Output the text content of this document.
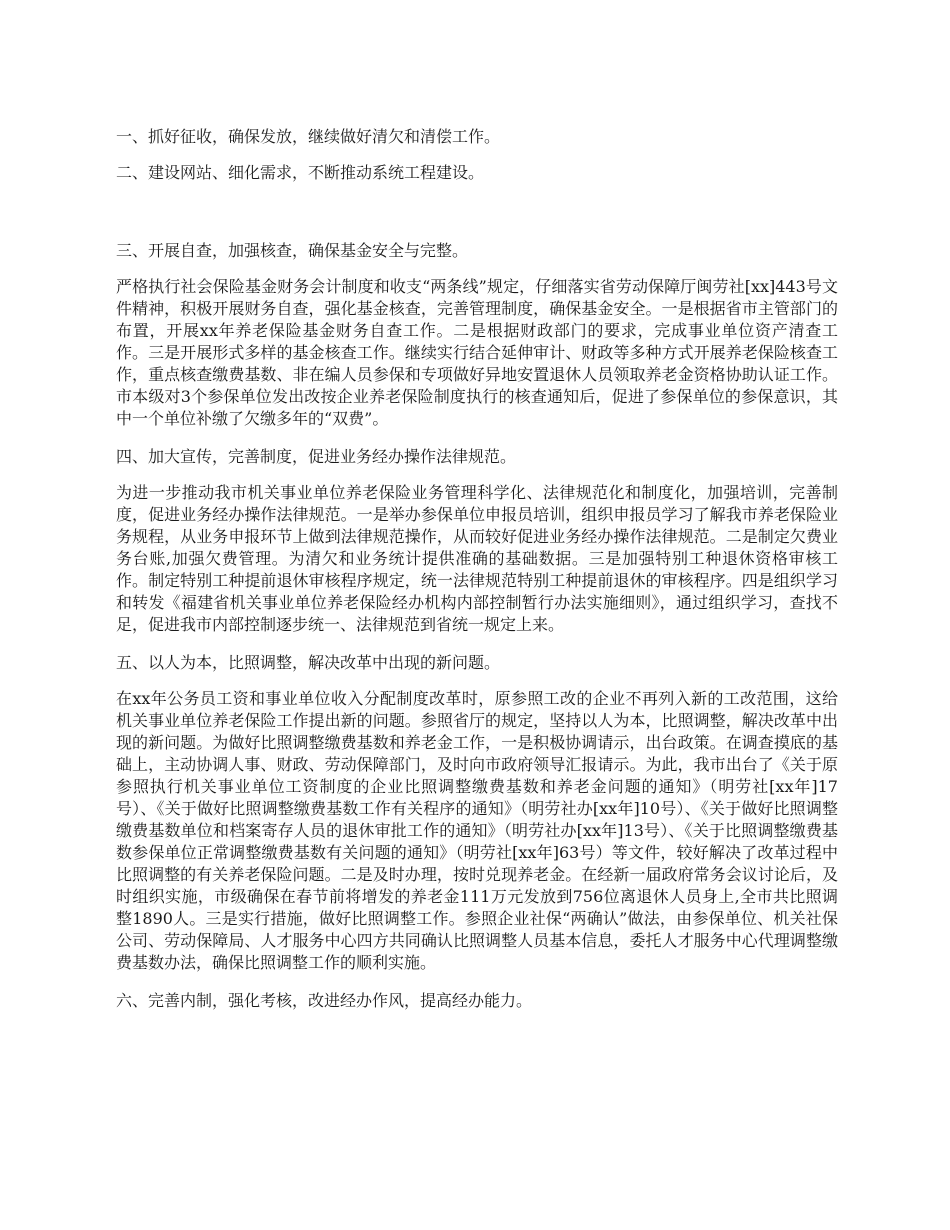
一、抓好征收，确保发放，继续做好清欠和清偿工作。

二、建设网站、细化需求，不断推动系统工程建设。

三、开展自查，加强核查，确保基金安全与完整。

严格执行社会保险基金财务会计制度和收支“两条线”规定，仔细落实省劳动保障厅闽劳社[xx]443号文件精神，积极开展财务自查，强化基金核查，完善管理制度，确保基金安全。一是根据省市主管部门的布置，开展xx年养老保险基金财务自查工作。二是根据财政部门的要求，完成事业单位资产清查工作。三是开展形式多样的基金核查工作。继续实行结合延伸审计、财政等多种方式开展养老保险核查工作，重点核查缴费基数、非在编人员参保和专项做好异地安置退休人员领取养老金资格协助认证工作。市本级对3个参保单位发出改按企业养老保险制度执行的核查通知后，促进了参保单位的参保意识，其中一个单位补缴了欠缴多年的“双费”。

四、加大宣传，完善制度，促进业务经办操作法律规范。

为进一步推动我市机关事业单位养老保险业务管理科学化、法律规范化和制度化，加强培训，完善制度，促进业务经办操作法律规范。一是举办参保单位申报员培训，组织申报员学习了解我市养老保险业务规程，从业务申报环节上做到法律规范操作，从而较好促进业务经办操作法律规范。二是制定欠费业务台账,加强欠费管理。为清欠和业务统计提供准确的基础数据。三是加强特别工种退休资格审核工作。制定特别工种提前退休审核程序规定，统一法律规范特别工种提前退休的审核程序。四是组织学习和转发《福建省机关事业单位养老保险经办机构内部控制暂行办法实施细则》，通过组织学习，查找不足，促进我市内部控制逐步统一、法律规范到省统一规定上来。

五、以人为本，比照调整，解决改革中出现的新问题。

在xx年公务员工资和事业单位收入分配制度改革时，原参照工改的企业不再列入新的工改范围，这给机关事业单位养老保险工作提出新的问题。参照省厅的规定，坚持以人为本，比照调整，解决改革中出现的新问题。为做好比照调整缴费基数和养老金工作，一是积极协调请示，出台政策。在调查摸底的基础上，主动协调人事、财政、劳动保障部门，及时向市政府领导汇报请示。为此，我市出台了《关于原参照执行机关事业单位工资制度的企业比照调整缴费基数和养老金问题的通知》（明劳社[xx年]17号）、《关于做好比照调整缴费基数工作有关程序的通知》（明劳社办[xx年]10号）、《关于做好比照调整缴费基数单位和档案寄存人员的退休审批工作的通知》（明劳社办[xx年]13号）、《关于比照调整缴费基数参保单位正常调整缴费基数有关问题的通知》（明劳社[xx年]63号）等文件，较好解决了改革过程中比照调整的有关养老保险问题。二是及时办理，按时兑现养老金。在经新一届政府常务会议讨论后，及时组织实施，市级确保在春节前将增发的养老金111万元发放到756位离退休人员身上,全市共比照调整1890人。三是实行措施，做好比照调整工作。参照企业社保“两确认”做法，由参保单位、机关社保公司、劳动保障局、人才服务中心四方共同确认比照调整人员基本信息，委托人才服务中心代理调整缴费基数办法，确保比照调整工作的顺利实施。

六、完善内制，强化考核，改进经办作风，提高经办能力。
